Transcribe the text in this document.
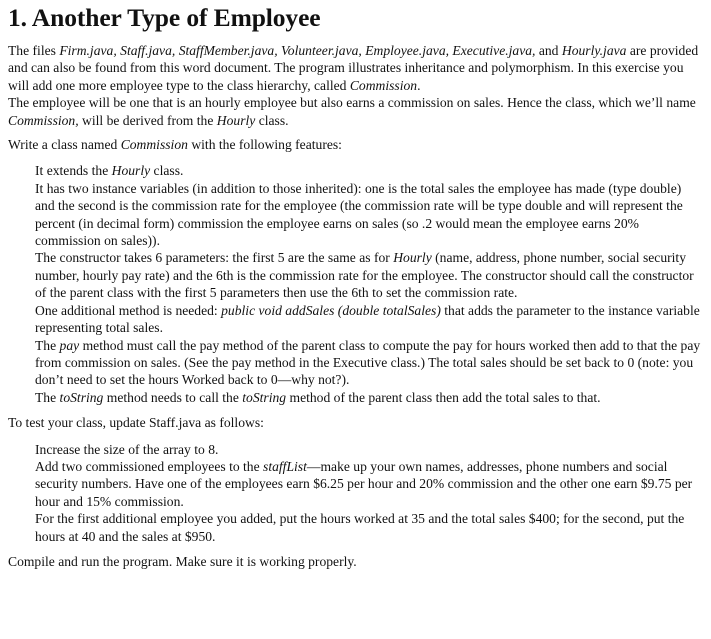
1. Another Type of Employee

The files Firm.java, Staff.java, StaffMember.java, Volunteer.java, Employee.java, Executive.java, and Hourly.java are provided and can also be found from this word document. The program illustrates inheritance and polymorphism. In this exercise you will add one more employee type to the class hierarchy, called Commission.

The employee will be one that is an hourly employee but also earns a commission on sales. Hence the class, which we’ll name Commission, will be derived from the Hourly class.

Write a class named Commission with the following features:

It extends the Hourly class.

It has two instance variables (in addition to those inherited): one is the total sales the employee has made (type double) and the second is the commission rate for the employee (the commission rate will be type double and will represent the percent (in decimal form) commission the employee earns on sales (so .2 would mean the employee earns 20% commission on sales)).

The constructor takes 6 parameters: the first 5 are the same as for Hourly (name, address, phone number, social security number, hourly pay rate) and the 6th is the commission rate for the employee. The constructor should call the constructor of the parent class with the first 5 parameters then use the 6th to set the commission rate.

One additional method is needed: public void addSales (double totalSales) that adds the parameter to the instance variable representing total sales.

The pay method must call the pay method of the parent class to compute the pay for hours worked then add to that the pay from commission on sales. (See the pay method in the Executive class.) The total sales should be set back to 0 (note: you don’t need to set the hours Worked back to 0—why not?).

The toString method needs to call the toString method of the parent class then add the total sales to that.

To test your class, update Staff.java as follows:

Increase the size of the array to 8.

Add two commissioned employees to the staffList—make up your own names, addresses, phone numbers and social security numbers. Have one of the employees earn $6.25 per hour and 20% commission and the other one earn $9.75 per hour and 15% commission.

For the first additional employee you added, put the hours worked at 35 and the total sales $400; for the second, put the hours at 40 and the sales at $950.

Compile and run the program. Make sure it is working properly.
